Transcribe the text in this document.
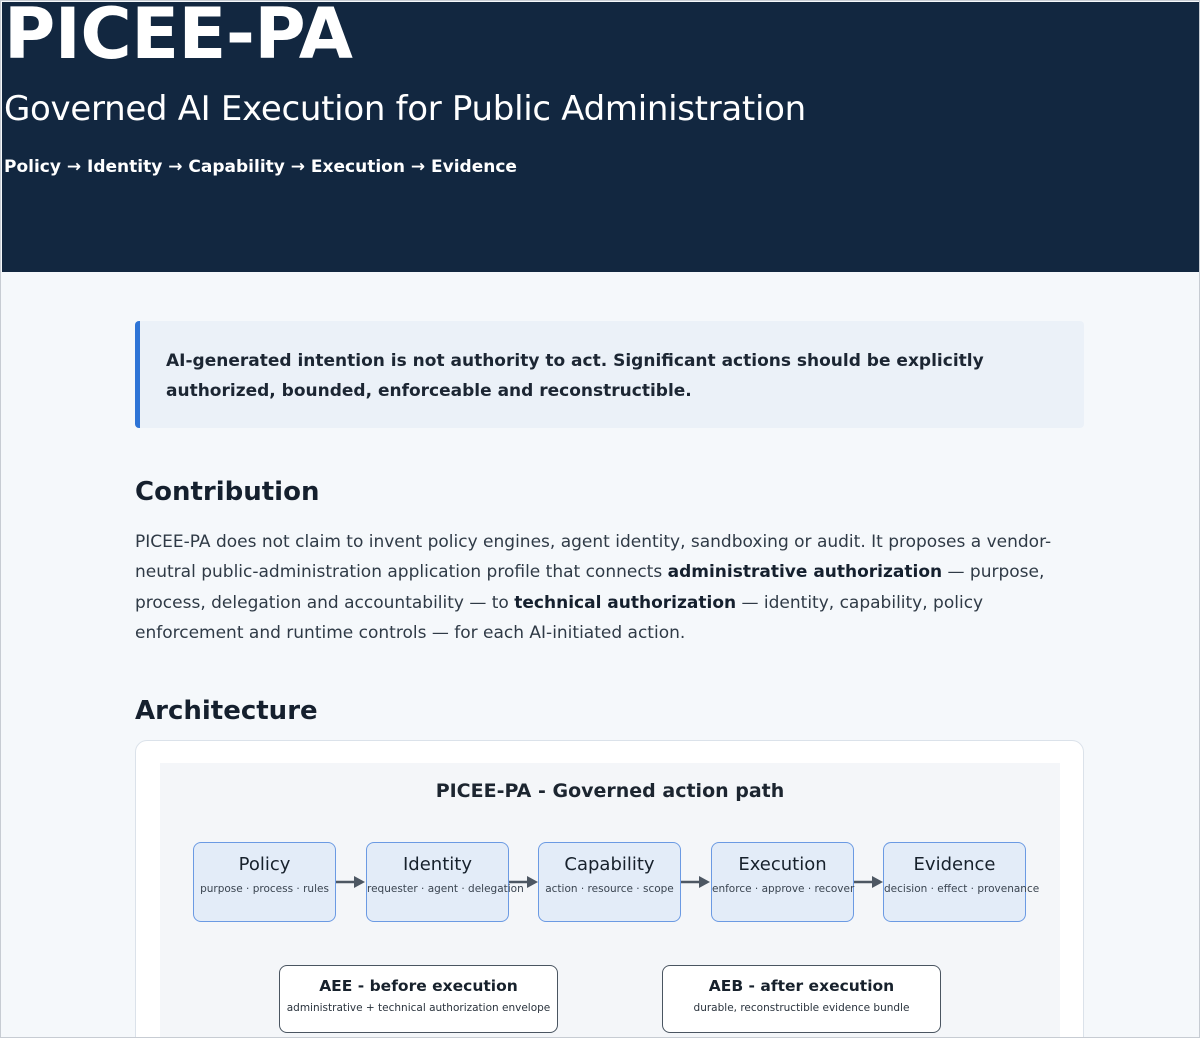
PICEE-PA
Governed AI Execution for Public Administration
Policy → Identity → Capability → Execution → Evidence
AI-generated intention is not authority to act. Significant actions should be explicitly authorized, bounded, enforceable and reconstructible.
Contribution

PICEE-PA does not claim to invent policy engines, agent identity, sandboxing or audit. It proposes a vendor-neutral public-administration application profile that connects administrative authorization — purpose, process, delegation and accountability — to technical authorization — identity, capability, policy enforcement and runtime controls — for each AI-initiated action.

Architecture
PICEE-PA - Governed action path
Policy
purpose · process · rules
Identity
requester · agent · delegation
Capability
action · resource · scope
Execution
enforce · approve · recover
Evidence
decision · effect · provenance
AEE - before execution
administrative + technical authorization envelope
AEB - after execution
durable, reconstructible evidence bundle
